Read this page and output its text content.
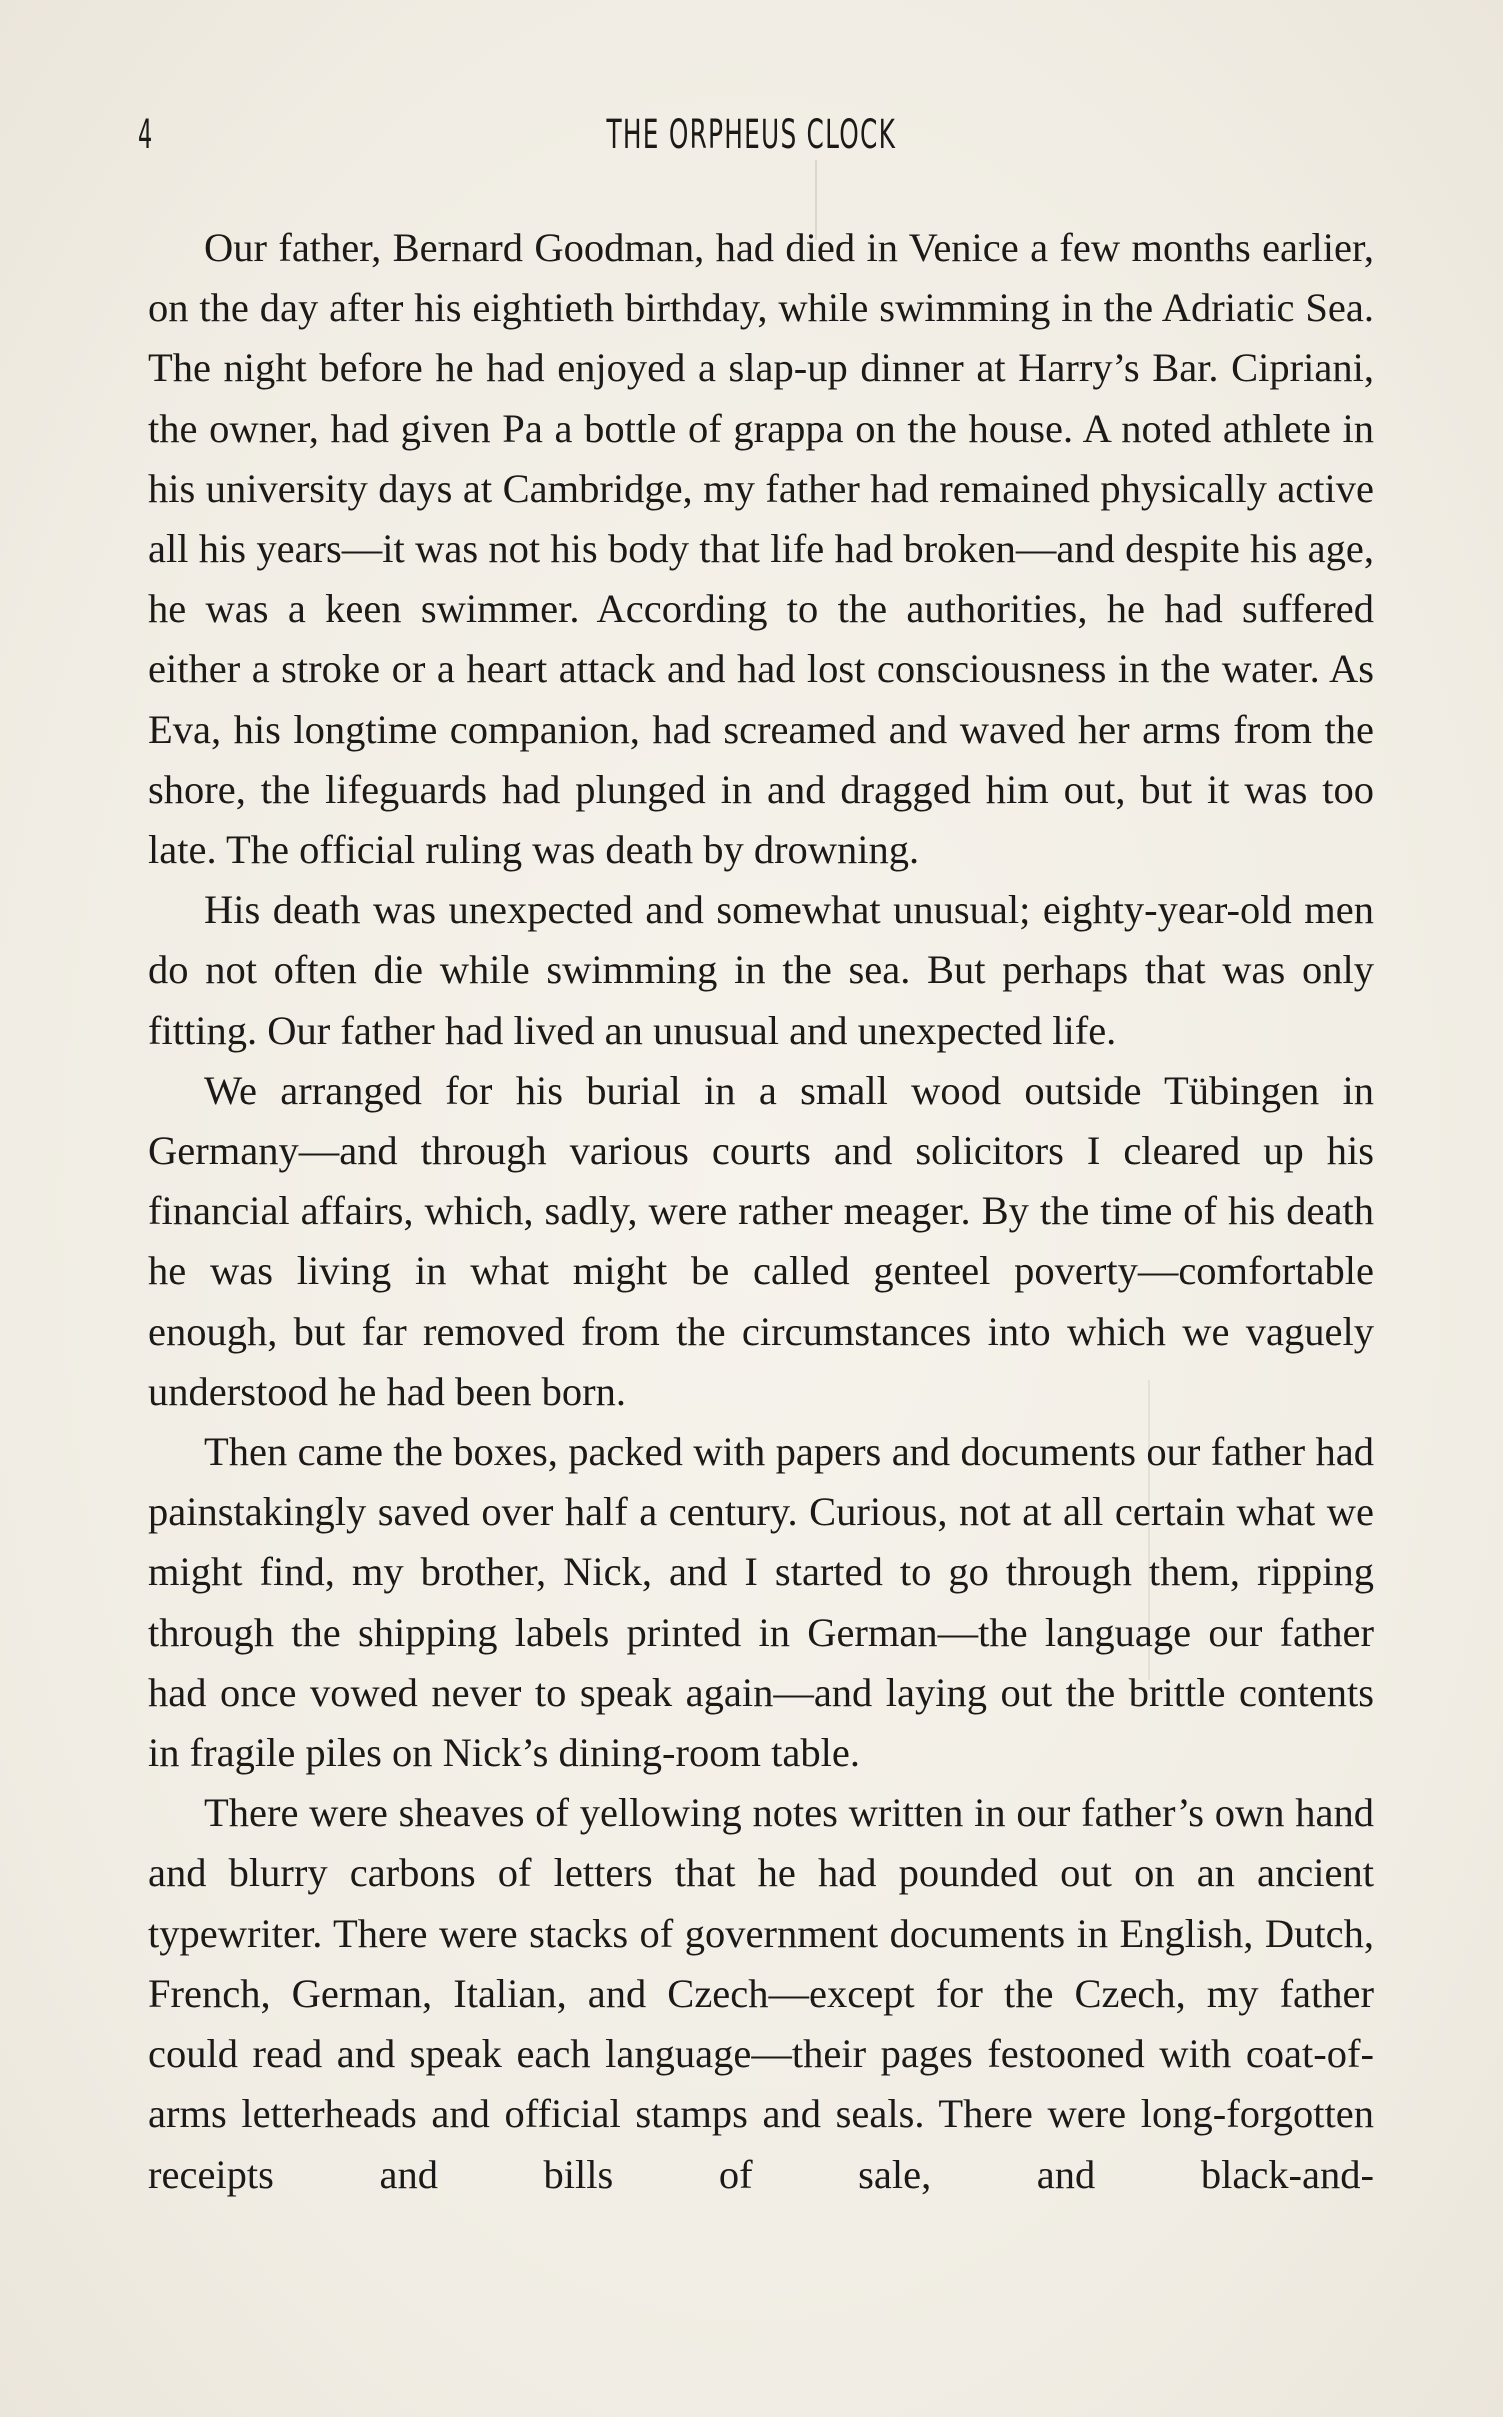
4	THE ORPHEUS CLOCK

Our father, Bernard Goodman, had died in Venice a few months earlier, on the day after his eightieth birthday, while swimming in the Adriatic Sea. The night before he had enjoyed a slap-up dinner at Harry’s Bar. Cipriani, the owner, had given Pa a bottle of grappa on the house. A noted athlete in his university days at Cambridge, my father had remained physically active all his years—it was not his body that life had broken—and despite his age, he was a keen swimmer. According to the authorities, he had suffered either a stroke or a heart attack and had lost consciousness in the water. As Eva, his longtime companion, had screamed and waved her arms from the shore, the lifeguards had plunged in and dragged him out, but it was too late. The official ruling was death by drowning.

His death was unexpected and somewhat unusual; eighty-year-old men do not often die while swimming in the sea. But perhaps that was only fitting. Our father had lived an unusual and unexpected life.

We arranged for his burial in a small wood outside Tübingen in Germany—and through various courts and solicitors I cleared up his financial affairs, which, sadly, were rather meager. By the time of his death he was living in what might be called genteel poverty—comfortable enough, but far removed from the circumstances into which we vaguely understood he had been born.

Then came the boxes, packed with papers and documents our father had painstakingly saved over half a century. Curious, not at all certain what we might find, my brother, Nick, and I started to go through them, ripping through the shipping labels printed in German—the language our father had once vowed never to speak again—and laying out the brittle contents in fragile piles on Nick’s dining-room table.

There were sheaves of yellowing notes written in our father’s own hand and blurry carbons of letters that he had pounded out on an ancient typewriter. There were stacks of government documents in English, Dutch, French, German, Italian, and Czech—except for the Czech, my father could read and speak each language—their pages festooned with coat-of-arms letterheads and official stamps and seals. There were long-forgotten receipts and bills of sale, and black-and-
